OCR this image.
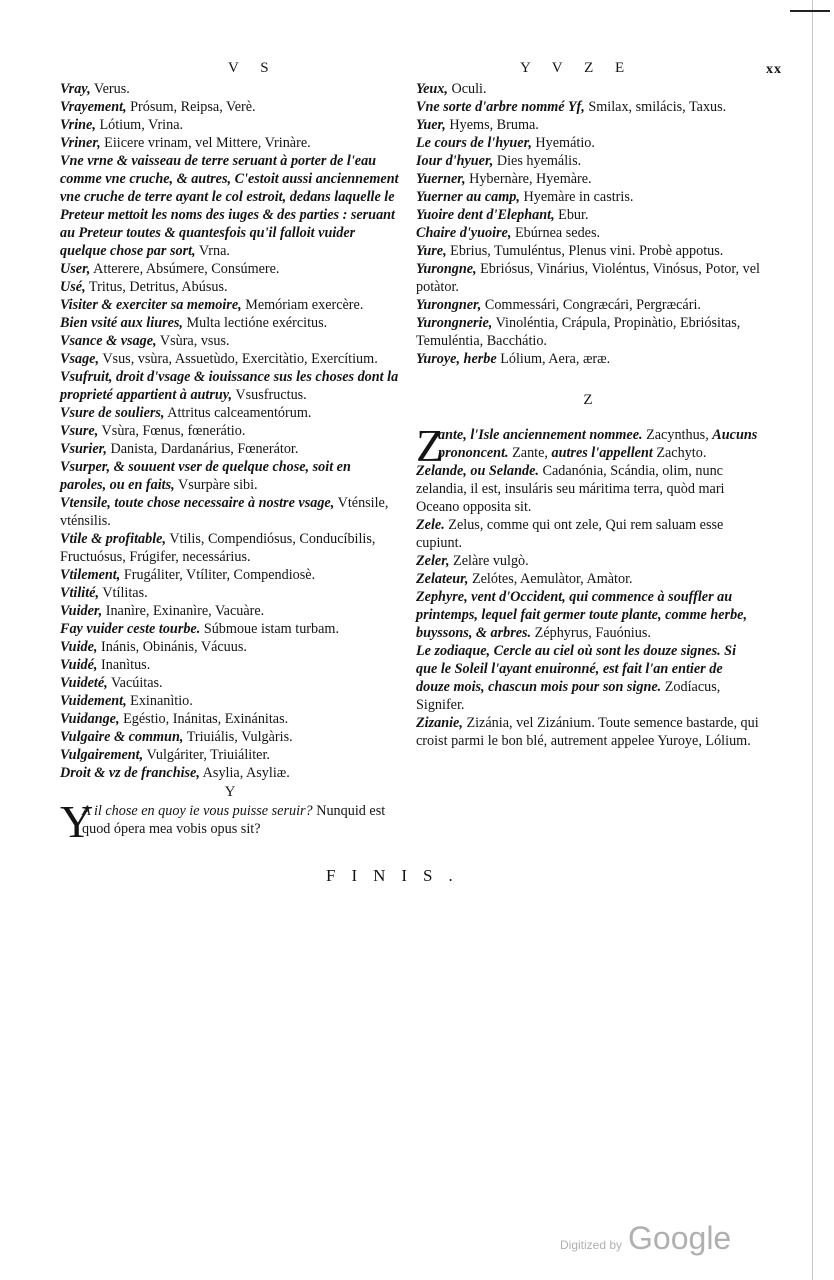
V S	Y V Z E	xx

Vray, Verus.

Vrayement, Prósum, Reipsa, Verè.

Vrine, Lótium, Vrina.

Vriner, Eiicere vrinam, vel Mittere, Vrinàre.

Vne vrne & vaisseau de terre seruant à porter de l'eau comme vne cruche, & autres, C'estoit aussi anciennement vne cruche de terre ayant le col estroit, dedans laquelle le Preteur mettoit les noms des iuges & des parties : seruant au Preteur toutes & quantesfois qu'il falloit vuider quelque chose par sort, Vrna.

User, Atterere, Absúmere, Consúmere.

Usé, Tritus, Detritus, Abúsus.

Visiter & exerciter sa memoire, Memóriam exercère.

Bien vsité aux liures, Multa lectióne exércitus.

Vsance & vsage, Vsùra, vsus.

Vsage, Vsus, vsùra, Assuetùdo, Exercitàtio, Exercítium.

Vsufruit, droit d'vsage & iouissance sus les choses dont la proprieté appartient à autruy, Vsusfructus.

Vsure de souliers, Attritus calceamentórum.

Vsure, Vsùra, Fœnus, fœnerátio.

Vsurier, Danista, Dardanárius, Fœnerátor.

Vsurper, & souuent vser de quelque chose, soit en paroles, ou en faits, Vsurpàre sibi.

Vtensile, toute chose necessaire à nostre vsage, Vténsile, vténsilis.

Vtile & profitable, Vtilis, Compendiósus, Conducíbilis, Fructuósus, Frúgifer, necessárius.

Vtilement, Frugáliter, Vtíliter, Compendiosè.

Vtilité, Vtílitas.

Vuider, Inanìre, Exinanìre, Vacuàre.

Fay vuider ceste tourbe. Súbmoue istam turbam.

Vuide, Inánis, Obinánis, Vácuus.

Vuidé, Inanìtus.

Vuideté, Vacúitas.

Vuidement, Exinanìtio.

Vuidange, Egéstio, Inánitas, Exinánitas.

Vulgaire & commun, Triuiális, Vulgàris.

Vulgairement, Vulgáriter, Triuiáliter.

Droit & vz de franchise, Asylia, Asyliæ.

Y
Y
A il chose en quoy ie vous puisse seruir? Nunquid est quod ópera mea vobis opus sit?

Yeux, Oculi.

Vne sorte d'arbre nommé Yf, Smilax, smilácis, Taxus.

Yuer, Hyems, Bruma.

Le cours de l'hyuer, Hyemátio.

Iour d'hyuer, Dies hyemális.

Yuerner, Hybernàre, Hyemàre.

Yuerner au camp, Hyemàre in castris.

Yuoire dent d'Elephant, Ebur.

Chaire d'yuoire, Ebúrnea sedes.

Yure, Ebrius, Tumuléntus, Plenus vini. Probè appotus.

Yurongne, Ebriósus, Vinárius, Violéntus, Vinósus, Potor, vel potàtor.

Yurongner, Commessári, Congræcári, Pergræcári.

Yurongnerie, Vinoléntia, Crápula, Propinàtio, Ebriósitas, Temuléntia, Bacchátio.

Yuroye, herbe Lólium, Aera, æræ.

Z
Z
ante, l'Isle anciennement nommee. Zacynthus, Aucuns prononcent. Zante, autres l'appellent Zachyto.

Zelande, ou Selande. Cadanónia, Scándia, olim, nunc zelandia, il est, insuláris seu máritima terra, quòd mari Oceano opposita sit.

Zele. Zelus, comme qui ont zele, Qui rem saluam esse cupiunt.

Zeler, Zelàre vulgò.

Zelateur, Zelótes, Aemulàtor, Amàtor.

Zephyre, vent d'Occident, qui commence à souffler au printemps, lequel fait germer toute plante, comme herbe, buyssons, & arbres. Zéphyrus, Fauónius.

Le zodiaque, Cercle au ciel où sont les douze signes. Si que le Soleil l'ayant enuironné, est fait l'an entier de douze mois, chascun mois pour son signe. Zodíacus, Signifer.

Zizanie, Zizánia, vel Zizánium. Toute semence bastarde, qui croist parmi le bon blé, autrement appelee Yuroye, Lólium.

FINIS.
Digitized by Google
